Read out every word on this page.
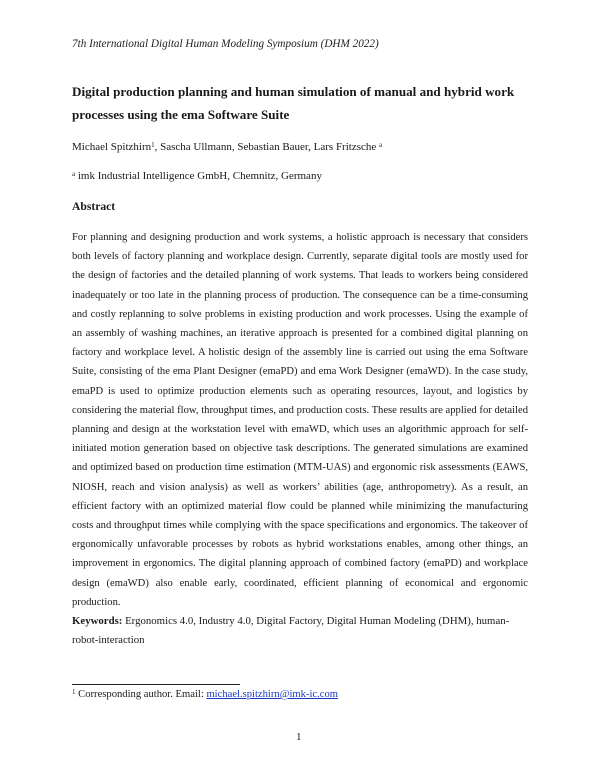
7th International Digital Human Modeling Symposium (DHM 2022)
Digital production planning and human simulation of manual and hybrid work processes using the ema Software Suite
Michael Spitzhirn$^1$, Sascha Ullmann, Sebastian Bauer, Lars Fritzsche $^a$
$^a$ imk Industrial Intelligence GmbH, Chemnitz, Germany
Abstract

For planning and designing production and work systems, a holistic approach is necessary that considers both levels of factory planning and workplace design. Currently, separate digital tools are mostly used for the design of factories and the detailed planning of work systems. That leads to workers being considered inadequately or too late in the planning process of production. The consequence can be a time-consuming and costly replanning to solve problems in existing production and work processes. Using the example of an assembly of washing machines, an iterative approach is presented for a combined digital planning on factory and workplace level. A holistic design of the assembly line is carried out using the ema Software Suite, consisting of the ema Plant Designer (emaPD) and ema Work Designer (emaWD). In the case study, emaPD is used to optimize production elements such as operating resources, layout, and logistics by considering the material flow, throughput times, and production costs. These results are applied for detailed planning and design at the workstation level with emaWD, which uses an algorithmic approach for self-initiated motion generation based on objective task descriptions. The generated simulations are examined and optimized based on production time estimation (MTM-UAS) and ergonomic risk assessments (EAWS, NIOSH, reach and vision analysis) as well as workers’ abilities (age, anthropometry). As a result, an efficient factory with an optimized material flow could be planned while minimizing the manufacturing costs and throughput times while complying with the space specifications and ergonomics. The takeover of ergonomically unfavorable processes by robots as hybrid workstations enables, among other things, an improvement in ergonomics. The digital planning approach of combined factory (emaPD) and workplace design (emaWD) also enable early, coordinated, efficient planning of economical and ergonomic production.

Keywords: Ergonomics 4.0, Industry 4.0, Digital Factory, Digital Human Modeling (DHM), human-robot-interaction

$^1$ Corresponding author. Email: michael.spitzhirn@imk-ic.com
1
